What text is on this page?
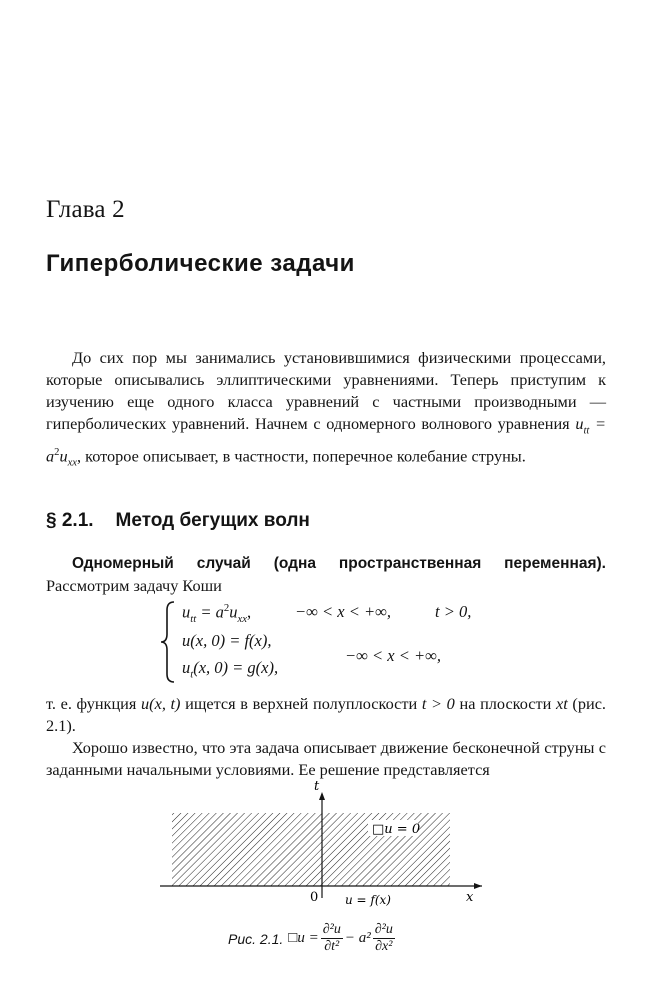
Глава 2
Гиперболические задачи
До сих пор мы занимались установившимися физическими процессами, которые описывались эллиптическими уравнениями. Теперь приступим к изучению еще одного класса уравнений с частными производными — гиперболических уравнений. Начнем с одномерного волнового уравнения $u_{tt} = a^2u_{xx}$, которое описывает, в частности, поперечное колебание струны.
§ 2.1. Метод бегущих волн
Одномерный случай (одна пространственная переменная). Рассмотрим задачу Коши
$u_{tt} = a^2u_{xx}$,	−∞ < x < +∞,	t > 0,
u(x, 0) = f(x),
$u_t(x$, 0) = g(x),
−∞ < x < +∞,
т. е. функция u(x, t) ищется в верхней полуплоскости t > 0 на плоскости xt (рис. 2.1).
Хорошо известно, что эта задача описывает движение бесконечной струны с заданными начальными условиями. Ее решение представляется
□u = 0
t
x
0 u = f(x)
Рис. 2.1. □u = $\frac{\text{∂²u}}{\text{∂t²}} - a^2 \frac{\text{∂²u}}{\text{∂x²}}$
